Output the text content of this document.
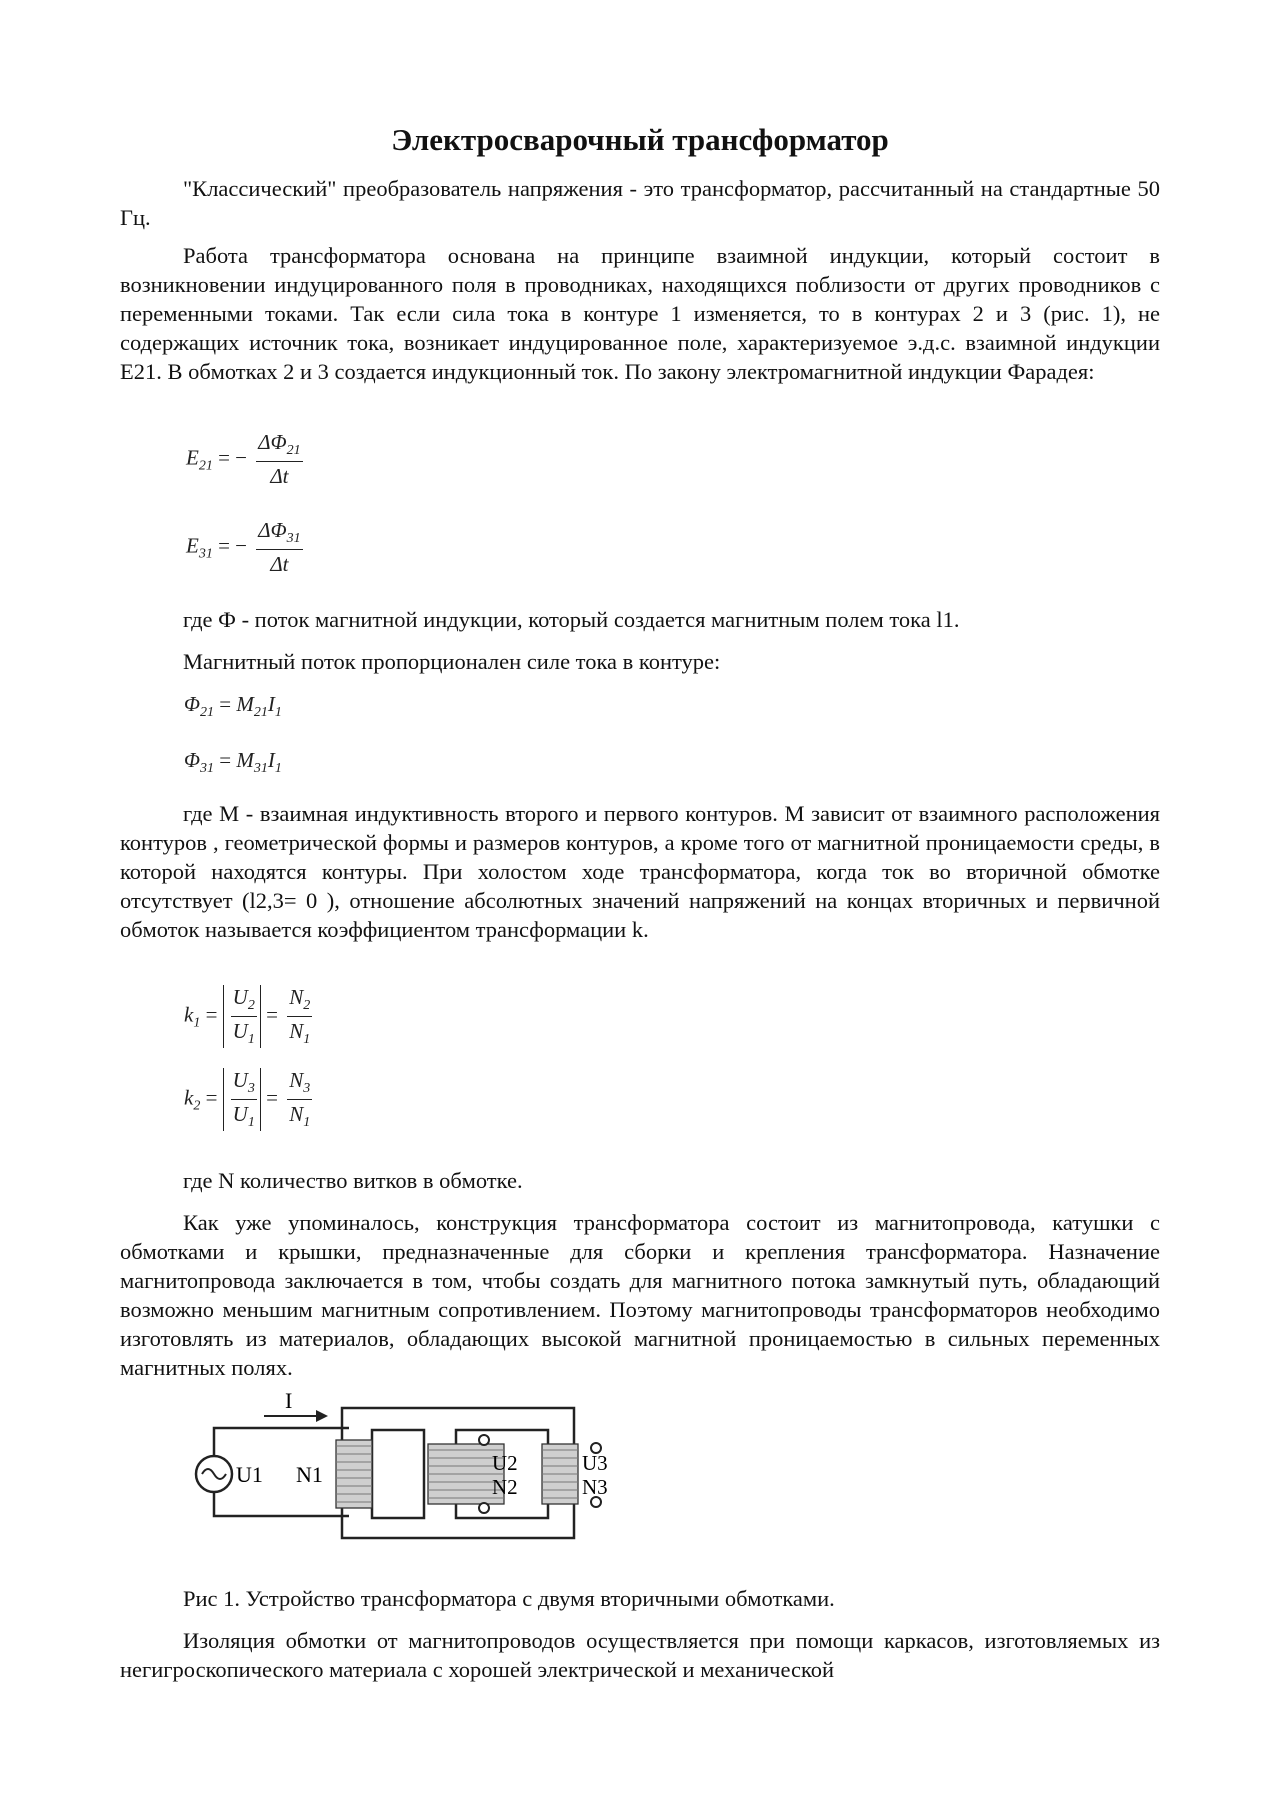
Электросварочный трансформатор

"Классический" преобразователь напряжения - это трансформатор, рассчитанный на стандартные 50 Гц.

Работа трансформатора основана на принципе взаимной индукции, который состоит в возникновении индуцированного поля в проводниках, находящихся поблизости от других проводников с переменными токами. Так если сила тока в контуре 1 изменяется, то в контурах 2 и 3 (рис. 1), не содержащих источник тока, возникает индуцированное поле, характеризуемое э.д.с. взаимной индукции E21. В обмотках 2 и 3 создается индукционный ток. По закону электромагнитной индукции Фарадея:

$E_{21}$ = − $\frac{\Delta\Phi_{21}}{\Delta t}$
$E_{31}$ = − $\frac{\Delta\Phi_{31}}{\Delta t}$

где Ф - поток магнитной индукции, который создается магнитным полем тока l1.

Магнитный поток пропорционален силе тока в контуре:

$\Phi_{21} = M_{21}I_1$
$\Phi_{31} = M_{31}I_1$

где М - взаимная индуктивность второго и первого контуров. М зависит от взаимного расположения контуров , геометрической формы и размеров контуров, а кроме того от магнитной проницаемости среды, в которой находятся контуры. При холостом ходе трансформатора, когда ток во вторичной обмотке отсутствует (l2,3= 0 ), отношение абсолютных значений напряжений на концах вторичных и первичной обмоток называется коэффициентом трансформации k.

$k_1 = \frac{U_2}{U_1} = \frac{N_2}{N_1}$
$k_2 = \frac{U_3}{U_1} = \frac{N_3}{N_1}$

где N количество витков в обмотке.

Как уже упоминалось, конструкция трансформатора состоит из магнитопровода, катушки с обмотками и крышки, предназначенные для сборки и крепления трансформатора. Назначение магнитопровода заключается в том, чтобы создать для магнитного потока замкнутый путь, обладающий возможно меньшим магнитным сопротивлением. Поэтому магнитопроводы трансформаторов необходимо изготовлять из материалов, обладающих высокой магнитной проницаемостью в сильных переменных магнитных полях.

I
U1 N1	U2
N2
U3
N3

Рис 1. Устройство трансформатора с двумя вторичными обмотками.

Изоляция обмотки от магнитопроводов осуществляется при помощи каркасов, изготовляемых из негигроскопического материала с хорошей электрической и механической
